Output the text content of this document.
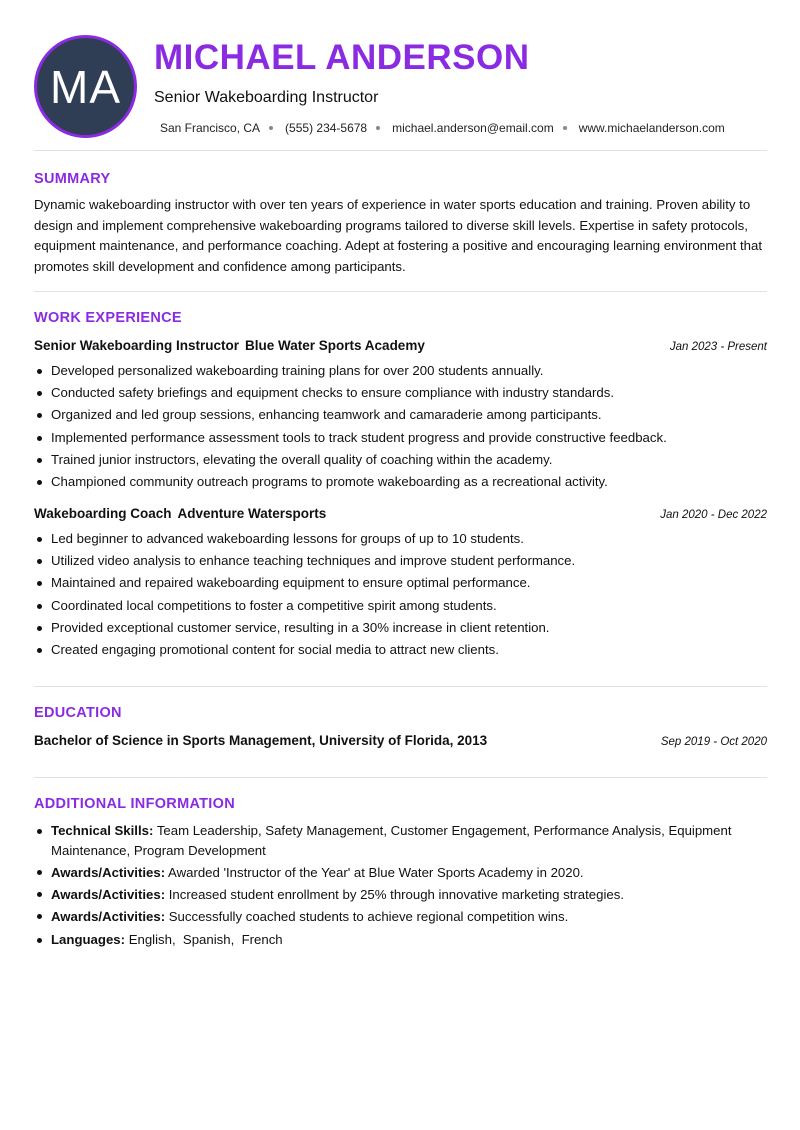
MA
MICHAEL ANDERSON
Senior Wakeboarding Instructor
San Francisco, CA (555) 234-5678 michael.anderson@email.com www.michaelanderson.com
SUMMARY
Dynamic wakeboarding instructor with over ten years of experience in water sports education and training. Proven ability to design and implement comprehensive wakeboarding programs tailored to diverse skill levels. Expertise in safety protocols, equipment maintenance, and performance coaching. Adept at fostering a positive and encouraging learning environment that promotes skill development and confidence among participants.
WORK EXPERIENCE
Senior Wakeboarding Instructor Blue Water Sports Academy	Jan 2023 - Present
Developed personalized wakeboarding training plans for over 200 students annually.
Conducted safety briefings and equipment checks to ensure compliance with industry standards.
Organized and led group sessions, enhancing teamwork and camaraderie among participants.
Implemented performance assessment tools to track student progress and provide constructive feedback.
Trained junior instructors, elevating the overall quality of coaching within the academy.
Championed community outreach programs to promote wakeboarding as a recreational activity.
Wakeboarding Coach Adventure Watersports	Jan 2020 - Dec 2022
Led beginner to advanced wakeboarding lessons for groups of up to 10 students.
Utilized video analysis to enhance teaching techniques and improve student performance.
Maintained and repaired wakeboarding equipment to ensure optimal performance.
Coordinated local competitions to foster a competitive spirit among students.
Provided exceptional customer service, resulting in a 30% increase in client retention.
Created engaging promotional content for social media to attract new clients.
EDUCATION
Bachelor of Science in Sports Management, University of Florida, 2013	Sep 2019 - Oct 2020
ADDITIONAL INFORMATION
Technical Skills: Team Leadership, Safety Management, Customer Engagement, Performance Analysis, Equipment Maintenance, Program Development
Awards/Activities: Awarded 'Instructor of the Year' at Blue Water Sports Academy in 2020.
Awards/Activities: Increased student enrollment by 25% through innovative marketing strategies.
Awards/Activities: Successfully coached students to achieve regional competition wins.
Languages: English,  Spanish,  French
